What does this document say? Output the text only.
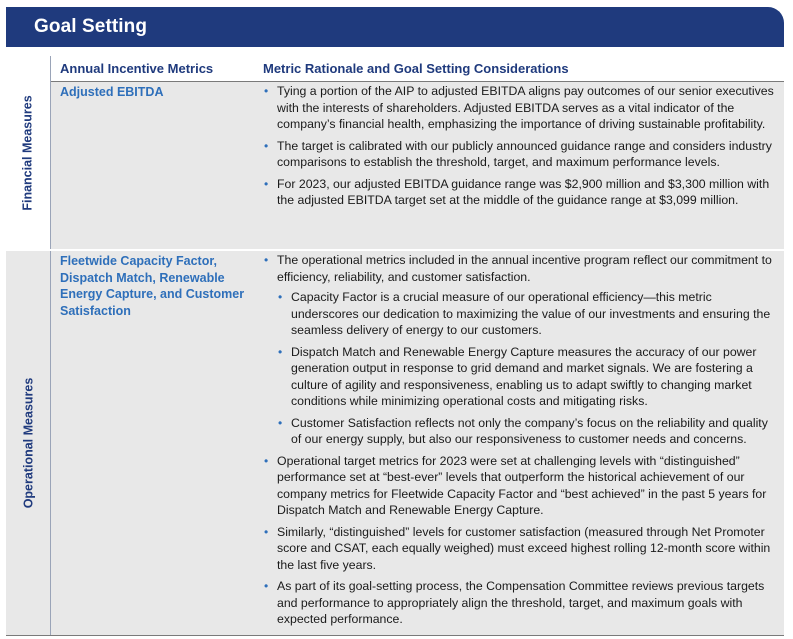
Goal Setting
Financial Measures
Operational Measures
Annual Incentive Metrics	Metric Rationale and Goal Setting Considerations
Adjusted EBITDA
•	Tying a portion of the AIP to adjusted EBITDA aligns pay outcomes of our senior executives with the interests of shareholders. Adjusted EBITDA serves as a vital indicator of the company’s financial health, emphasizing the importance of driving sustainable profitability.
• The target is calibrated with our publicly announced guidance range and considers industry comparisons to establish the threshold, target, and maximum performance levels.
• For 2023, our adjusted EBITDA guidance range was $2,900 million and $3,300 million with the adjusted EBITDA target set at the middle of the guidance range at $3,099 million.
Fleetwide Capacity Factor, Dispatch Match, Renewable Energy Capture, and Customer Satisfaction
• The operational metrics included in the annual incentive program reflect our commitment to efficiency, reliability, and customer satisfaction.
• Capacity Factor is a crucial measure of our operational efficiency—this metric underscores our dedication to maximizing the value of our investments and ensuring the seamless delivery of energy to our customers.
• Dispatch Match and Renewable Energy Capture measures the accuracy of our power generation output in response to grid demand and market signals. We are fostering a culture of agility and responsiveness, enabling us to adapt swiftly to changing market conditions while minimizing operational costs and mitigating risks.
• Customer Satisfaction reflects not only the company’s focus on the reliability and quality of our energy supply, but also our responsiveness to customer needs and concerns.
• Operational target metrics for 2023 were set at challenging levels with “distinguished” performance set at “best-ever” levels that outperform the historical achievement of our company metrics for Fleetwide Capacity Factor and “best achieved” in the past 5 years for Dispatch Match and Renewable Energy Capture.
• Similarly, “distinguished” levels for customer satisfaction (measured through Net Promoter score and CSAT, each equally weighed) must exceed highest rolling 12-month score within the last five years.
• As part of its goal-setting process, the Compensation Committee reviews previous targets and performance to appropriately align the threshold, target, and maximum goals with expected performance.
